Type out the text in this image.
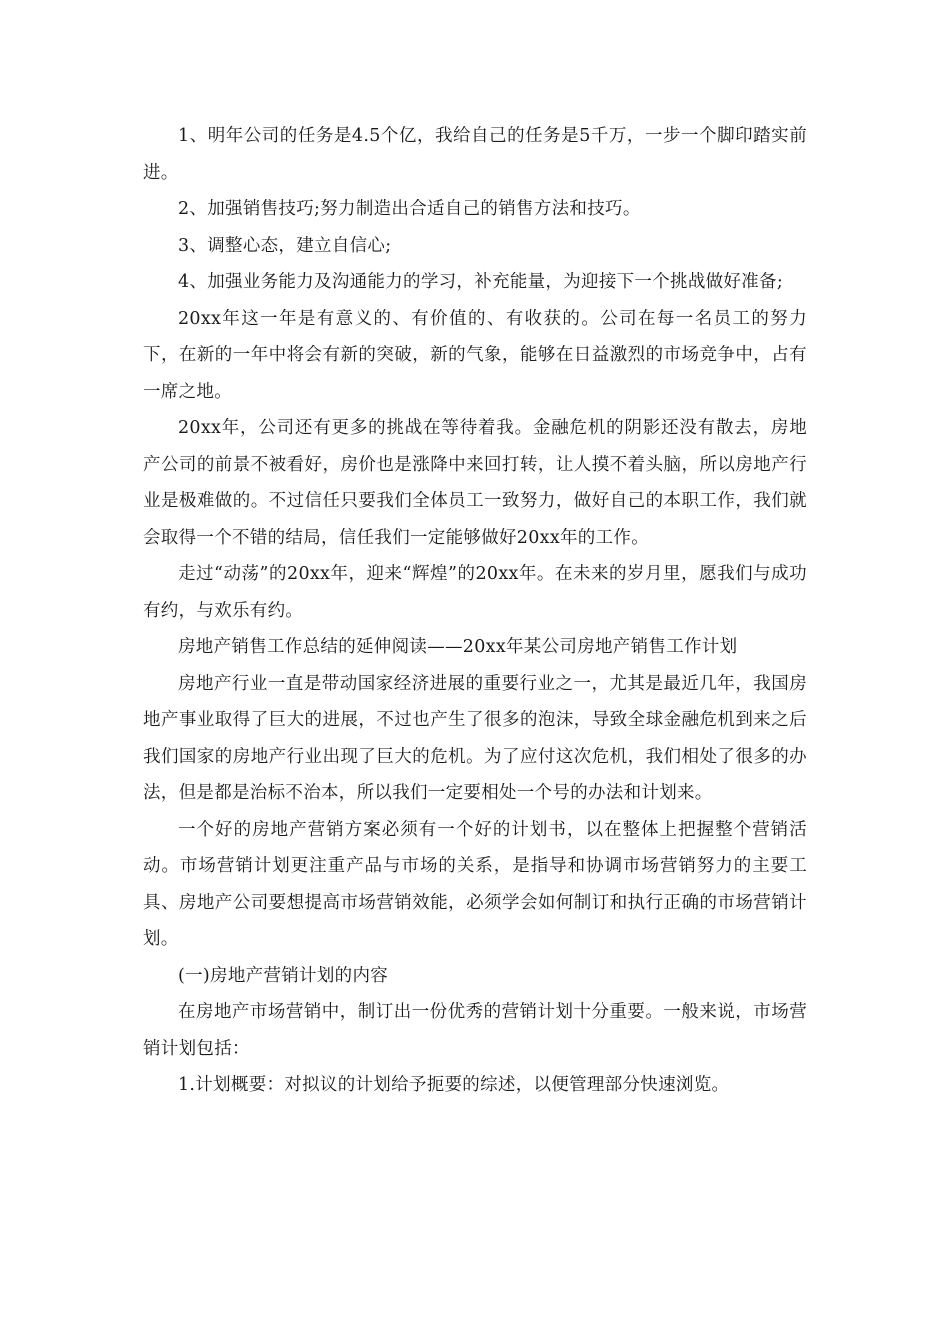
1、明年公司的任务是4.5个亿，我给自己的任务是5千万，一步一个脚印踏实前进。

2、加强销售技巧;努力制造出合适自己的销售方法和技巧。

3、调整心态，建立自信心;

4、加强业务能力及沟通能力的学习，补充能量，为迎接下一个挑战做好准备;

20xx年这一年是有意义的、有价值的、有收获的。公司在每一名员工的努力下，在新的一年中将会有新的突破，新的气象，能够在日益激烈的市场竞争中，占有一席之地。

20xx年，公司还有更多的挑战在等待着我。金融危机的阴影还没有散去，房地产公司的前景不被看好，房价也是涨降中来回打转，让人摸不着头脑，所以房地产行业是极难做的。不过信任只要我们全体员工一致努力，做好自己的本职工作，我们就会取得一个不错的结局，信任我们一定能够做好20xx年的工作。

走过“动荡”的20xx年，迎来“辉煌”的20xx年。在未来的岁月里，愿我们与成功有约，与欢乐有约。

房地产销售工作总结的延伸阅读——20xx年某公司房地产销售工作计划

房地产行业一直是带动国家经济进展的重要行业之一，尤其是最近几年，我国房地产事业取得了巨大的进展，不过也产生了很多的泡沫，导致全球金融危机到来之后我们国家的房地产行业出现了巨大的危机。为了应付这次危机，我们相处了很多的办法，但是都是治标不治本，所以我们一定要相处一个号的办法和计划来。

一个好的房地产营销方案必须有一个好的计划书，以在整体上把握整个营销活动。市场营销计划更注重产品与市场的关系，是指导和协调市场营销努力的主要工具、房地产公司要想提高市场营销效能，必须学会如何制订和执行正确的市场营销计划。

(一)房地产营销计划的内容

在房地产市场营销中，制订出一份优秀的营销计划十分重要。一般来说，市场营销计划包括：

1.计划概要：对拟议的计划给予扼要的综述，以便管理部分快速浏览。
